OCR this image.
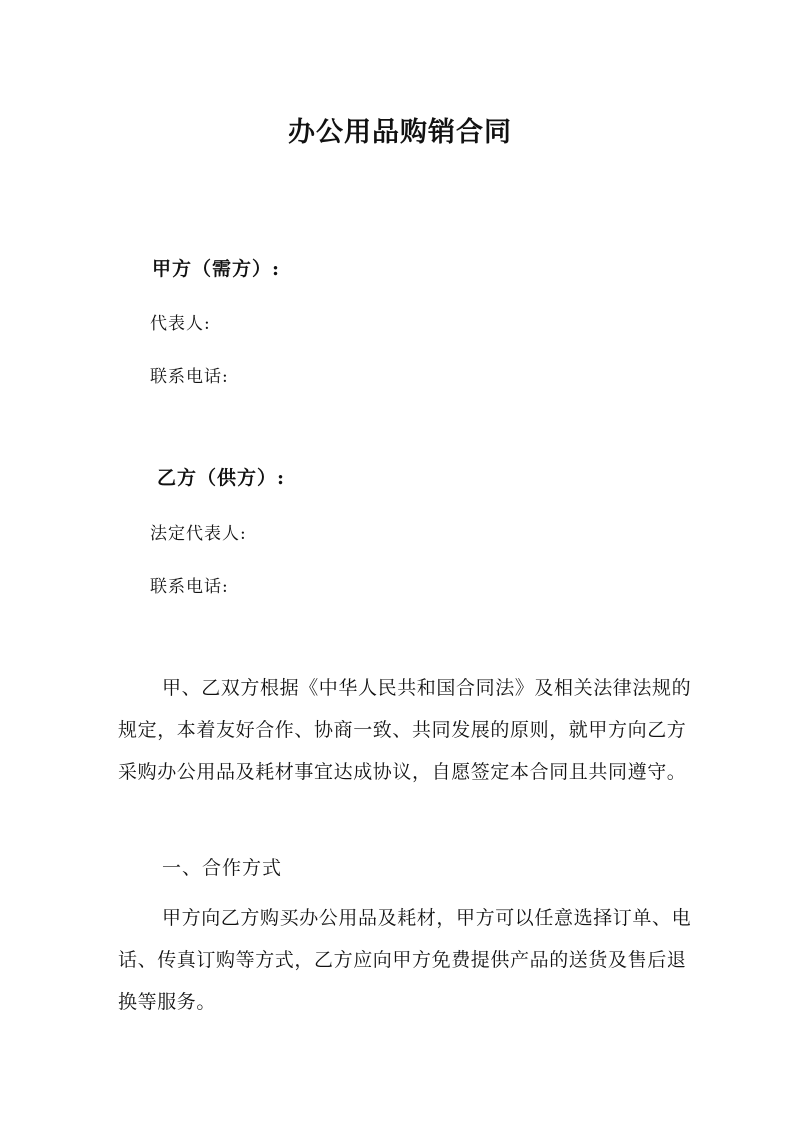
办公用品购销合同
甲方（需方）:
代表人:
联系电话:
乙方（供方）:
法定代表人:
联系电话:

甲、乙双方根据《中华人民共和国合同法》及相关法律法规的规定，本着友好合作、协商一致、共同发展的原则，就甲方向乙方采购办公用品及耗材事宜达成协议，自愿签定本合同且共同遵守。

一、合作方式

甲方向乙方购买办公用品及耗材，甲方可以任意选择订单、电话、传真订购等方式，乙方应向甲方免费提供产品的送货及售后退换等服务。
